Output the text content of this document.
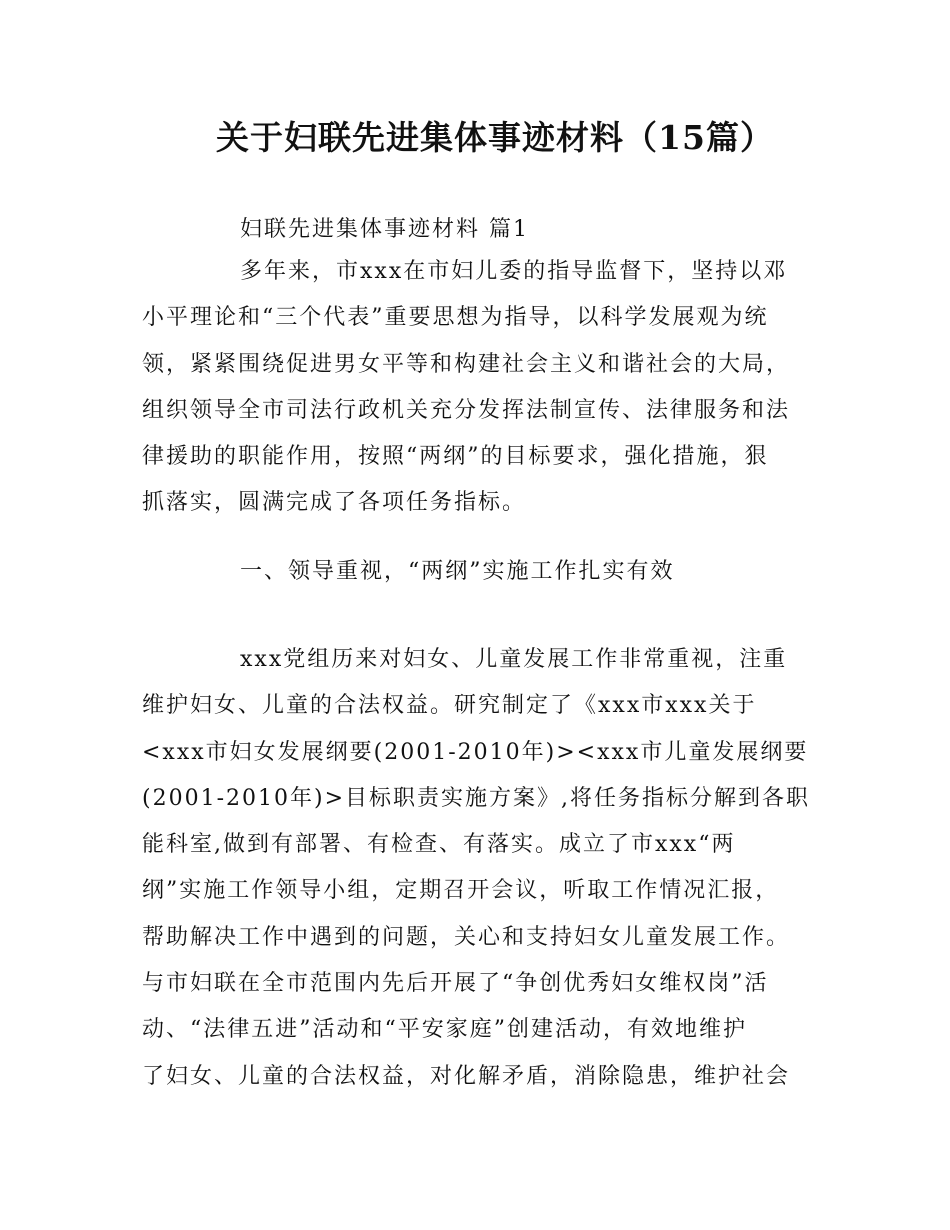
关于妇联先进集体事迹材料（15篇）

妇联先进集体事迹材料 篇1

多年来，市xxx在市妇儿委的指导监督下，坚持以邓
小平理论和“三个代表”重要思想为指导，以科学发展观为统
领，紧紧围绕促进男女平等和构建社会主义和谐社会的大局，
组织领导全市司法行政机关充分发挥法制宣传、法律服务和法
律援助的职能作用，按照“两纲”的目标要求，强化措施，狠
抓落实，圆满完成了各项任务指标。

一、领导重视，“两纲”实施工作扎实有效

xxx党组历来对妇女、儿童发展工作非常重视，注重
维护妇女、儿童的合法权益。研究制定了《xxx市xxx关于
<xxx市妇女发展纲要(2001-2010年)><xxx市儿童发展纲要
(2001-2010年)>目标职责实施方案》,将任务指标分解到各职
能科室,做到有部署、有检查、有落实。成立了市xxx“两
纲”实施工作领导小组，定期召开会议，听取工作情况汇报，
帮助解决工作中遇到的问题，关心和支持妇女儿童发展工作。
与市妇联在全市范围内先后开展了“争创优秀妇女维权岗”活
动、“法律五进”活动和“平安家庭”创建活动，有效地维护
了妇女、儿童的合法权益，对化解矛盾，消除隐患，维护社会
